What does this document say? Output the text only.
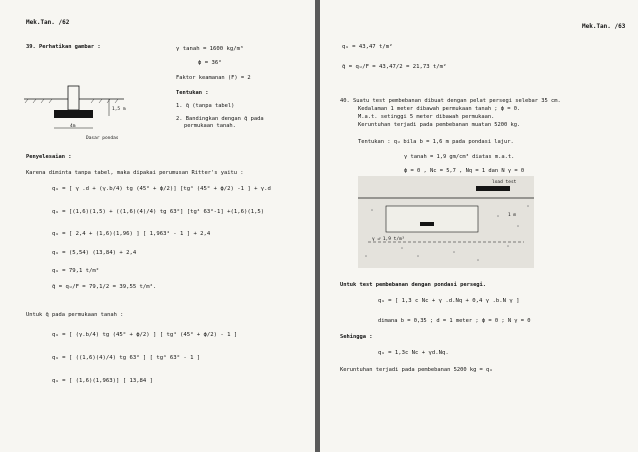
Mek.Tan. /62
39. Perhatikan gambar :
1,5 m
4m
Dasar pondas
γ tanah = 1600 kg/m³
ϕ = 36°
Faktor keamanan (F) = 2
Tentukan :
1. q̄ (tanpa tabel)
2. Bandingkan dengan q̄ pada
permukaan tanah.
Penyelesaian :
Karena diminta tanpa tabel, maka dipakai perumusan Ritter's yaitu :
qᵤ = [ γ .d + (γ.b/4) tg (45° + ϕ/2)] [tg⁴ (45° + ϕ/2) -1 ] + γ.d
qᵤ = [(1,6)(1,5) + ((1,6)(4)/4) tg 63°] [tg⁴ 63°-1] +(1,6)(1,5)
qᵤ = [ 2,4 + (1,6)(1,96) ] [ 1,963⁴ - 1 ] + 2,4
qᵤ = (5,54) (13,84) + 2,4
qᵤ = 79,1 t/m²
q̄ = qᵤ/F = 79,1/2 = 39,55 t/m².
Untuk q̄ pada permukaan tanah :
qᵤ = [ (γ.b/4) tg (45° + ϕ/2) ] [ tg⁴ (45° + ϕ/2) - 1 ]
qᵤ = [ ((1,6)(4)/4) tg 63° ] [ tg⁴ 63° - 1 ]
qᵤ = [ (1,6)(1,963)] [ 13,84 ]
Mek.Tan. /63
qᵤ = 43,47 t/m²
q̄ = qᵤ/F = 43,47/2 = 21,73 t/m²
40. Suatu test pembebanan dibuat dengan pelat persegi selebar 35 cm.
Kedalaman 1 meter dibawah permukaan tanah ; ϕ = 0.
M.a.t. setinggi 5 meter dibawah permukaan.
Keruntuhan terjadi pada pembebanan muatan 5200 kg.
Tentukan : qᵤ bila b = 1,6 m pada pondasi lajur.
γ tanah = 1,9 gm/cm³ diatas m.a.t.
ϕ = 0 , Nc = 5,7 , Nq = 1 dan N γ = 0
load test
γ = 1,9 t/m³
1 m
Untuk test pembebanan dengan pondasi persegi.
qᵤ = [ 1,3 c Nc + γ .d.Nq + 0,4 γ .b.N γ ]
dimana b = 0,35 ; d = 1 meter ; ϕ = 0 ; N γ = 0
Sehingga :
qᵤ = 1,3c Nc + γd.Nq.
Keruntuhan terjadi pada pembebanan 5200 kg = qᵤ
